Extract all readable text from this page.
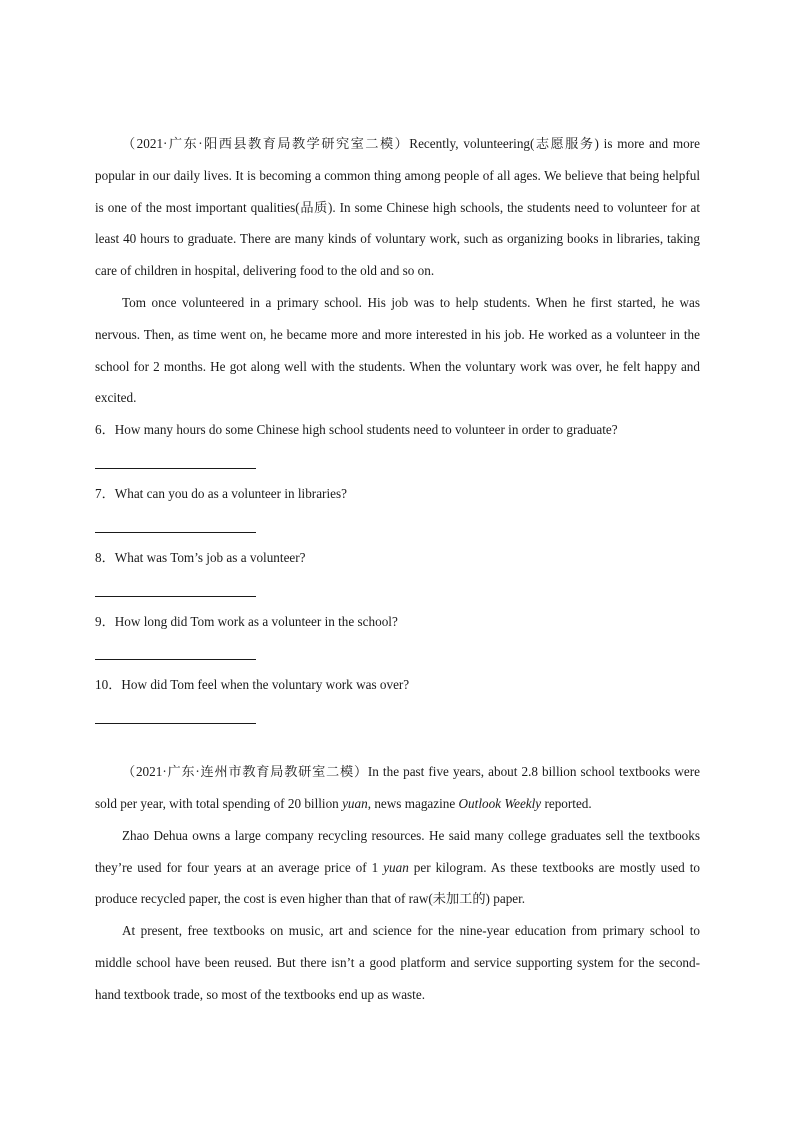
（2021·广东·阳西县教育局教学研究室二模）Recently, volunteering(志愿服务) is more and more popular in our daily lives. It is becoming a common thing among people of all ages. We believe that being helpful is one of the most important qualities(品质). In some Chinese high schools, the students need to volunteer for at least 40 hours to graduate. There are many kinds of voluntary work, such as organizing books in libraries, taking care of children in hospital, delivering food to the old and so on.

Tom once volunteered in a primary school. His job was to help students. When he first started, he was nervous. Then, as time went on, he became more and more interested in his job. He worked as a volunteer in the school for 2 months. He got along well with the students. When the voluntary work was over, he felt happy and excited.

6．How many hours do some Chinese high school students need to volunteer in order to graduate?

7．What can you do as a volunteer in libraries?

8．What was Tom’s job as a volunteer?

9．How long did Tom work as a volunteer in the school?

10．How did Tom feel when the voluntary work was over?

（2021·广东·连州市教育局教研室二模）In the past five years, about 2.8 billion school textbooks were sold per year, with total spending of 20 billion yuan, news magazine Outlook Weekly reported.

Zhao Dehua owns a large company recycling resources. He said many college graduates sell the textbooks they’re used for four years at an average price of 1 yuan per kilogram. As these textbooks are mostly used to produce recycled paper, the cost is even higher than that of raw(未加工的) paper.

At present, free textbooks on music, art and science for the nine-year education from primary school to middle school have been reused. But there isn’t a good platform and service supporting system for the second-hand textbook trade, so most of the textbooks end up as waste.
